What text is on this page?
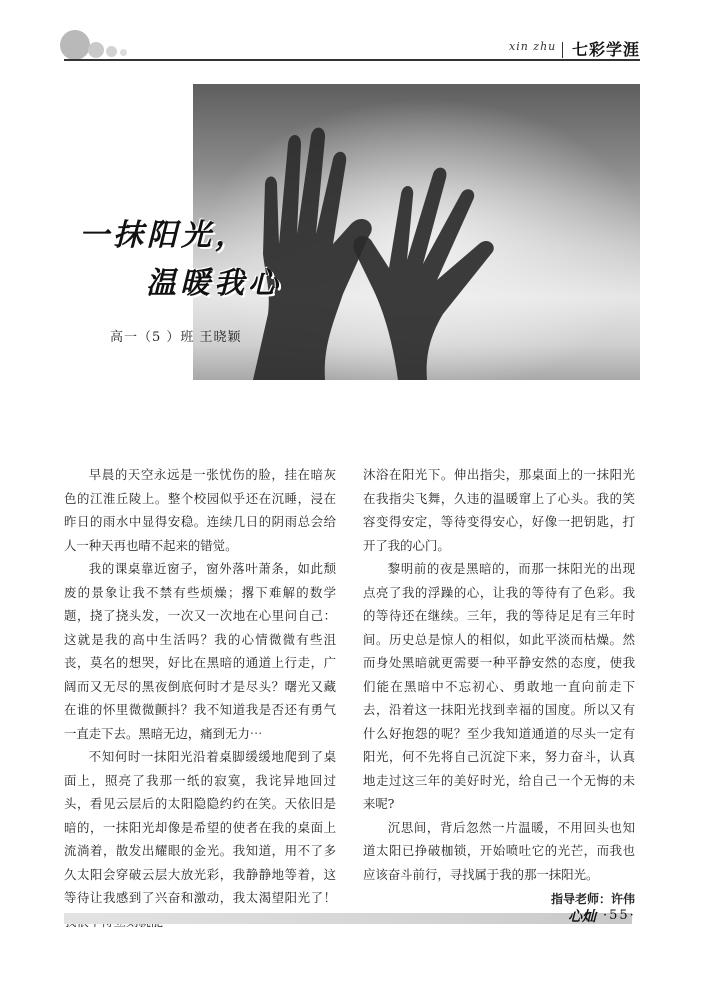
xin zhu 七彩学涯
一抹阳光，
温暖我心
高一（5 ）班 王晓颖

早晨的天空永远是一张忧伤的脸，挂在暗灰色的江淮丘陵上。整个校园似乎还在沉睡，浸在昨日的雨水中显得安稳。连续几日的阴雨总会给人一种天再也晴不起来的错觉。

我的课桌靠近窗子，窗外落叶萧条，如此颓废的景象让我不禁有些烦燥；撂下难解的数学题，挠了挠头发，一次又一次地在心里问自己：这就是我的高中生活吗？我的心情微微有些沮丧，莫名的想哭，好比在黑暗的通道上行走，广阔而又无尽的黑夜倒底何时才是尽头？曙光又藏在谁的怀里微微颤抖？我不知道我是否还有勇气一直走下去。黑暗无边，痛到无力⋯

不知何时一抹阳光沿着桌脚缓缓地爬到了桌面上，照亮了我那一纸的寂寞，我诧异地回过头，看见云层后的太阳隐隐约约在笑。天依旧是暗的，一抹阳光却像是希望的使者在我的桌面上流淌着，散发出耀眼的金光。我知道，用不了多久太阳会穿破云层大放光彩，我静静地等着，这等待让我感到了兴奋和激动，我太渴望阳光了！

沐浴在阳光下。伸出指尖，那桌面上的一抹阳光在我指尖飞舞，久违的温暖窜上了心头。我的笑容变得安定，等待变得安心，好像一把钥匙，打开了我的心门。

黎明前的夜是黑暗的，而那一抹阳光的出现点亮了我的浮躁的心，让我的等待有了色彩。我的等待还在继续。三年，我的等待足足有三年时间。历史总是惊人的相似，如此平淡而枯燥。然而身处黑暗就更需要一种平静安然的态度，使我们能在黑暗中不忘初心、勇敢地一直向前走下去，沿着这一抹阳光找到幸福的国度。所以又有什么好抱怨的呢？至少我知道通道的尽头一定有阳光，何不先将自己沉淀下来，努力奋斗，认真地走过这三年的美好时光，给自己一个无悔的未来呢?

沉思间，背后忽然一片温暖，不用回头也知道太阳已挣破枷锁，开始喷吐它的光芒，而我也应该奋斗前行，寻找属于我的那一抹阳光。

指导老师：许伟
心灿 ·55·
